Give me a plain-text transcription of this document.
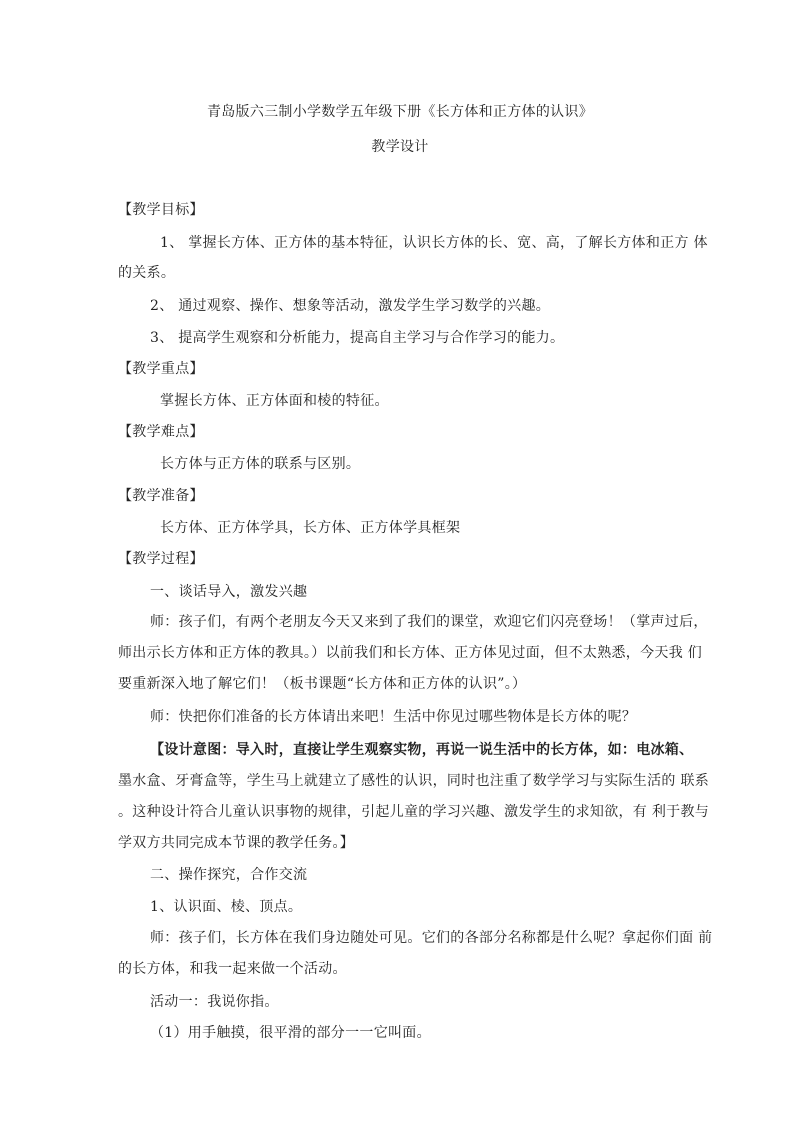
青岛版六三制小学数学五年级下册《长方体和正方体的认识》
教学设计
【教学目标】
1、 掌握长方体、正方体的基本特征，认识长方体的长、宽、高，了解长方体和正方 体
的关系。
2、 通过观察、操作、想象等活动，激发学生学习数学的兴趣。
3、 提高学生观察和分析能力，提高自主学习与合作学习的能力。
【教学重点】
掌握长方体、正方体面和棱的特征。
【教学难点】
长方体与正方体的联系与区别。
【教学准备】
长方体、正方体学具，长方体、正方体学具框架
【教学过程】
一、谈话导入，激发兴趣
师：孩子们，有两个老朋友今天又来到了我们的课堂，欢迎它们闪亮登场！（掌声过后，
师出示长方体和正方体的教具。）以前我们和长方体、正方体见过面，但不太熟悉，今天我 们
要重新深入地了解它们！（板书课题“长方体和正方体的认识”。）
师：快把你们准备的长方体请出来吧！生活中你见过哪些物体是长方体的呢？
【设计意图：导入时，直接让学生观察实物，再说一说生活中的长方体，如：电冰箱、
墨水盒、牙膏盒等，学生马上就建立了感性的认识，同时也注重了数学学习与实际生活的 联系
。这种设计符合儿童认识事物的规律，引起儿童的学习兴趣、激发学生的求知欲，有 利于教与
学双方共同完成本节课的教学任务。】
二、操作探究，合作交流
1、认识面、棱、顶点。
师：孩子们，长方体在我们身边随处可见。它们的各部分名称都是什么呢？拿起你们面 前
的长方体，和我一起来做一个活动。
活动一：我说你指。
（1）用手触摸，很平滑的部分一一它叫面。
